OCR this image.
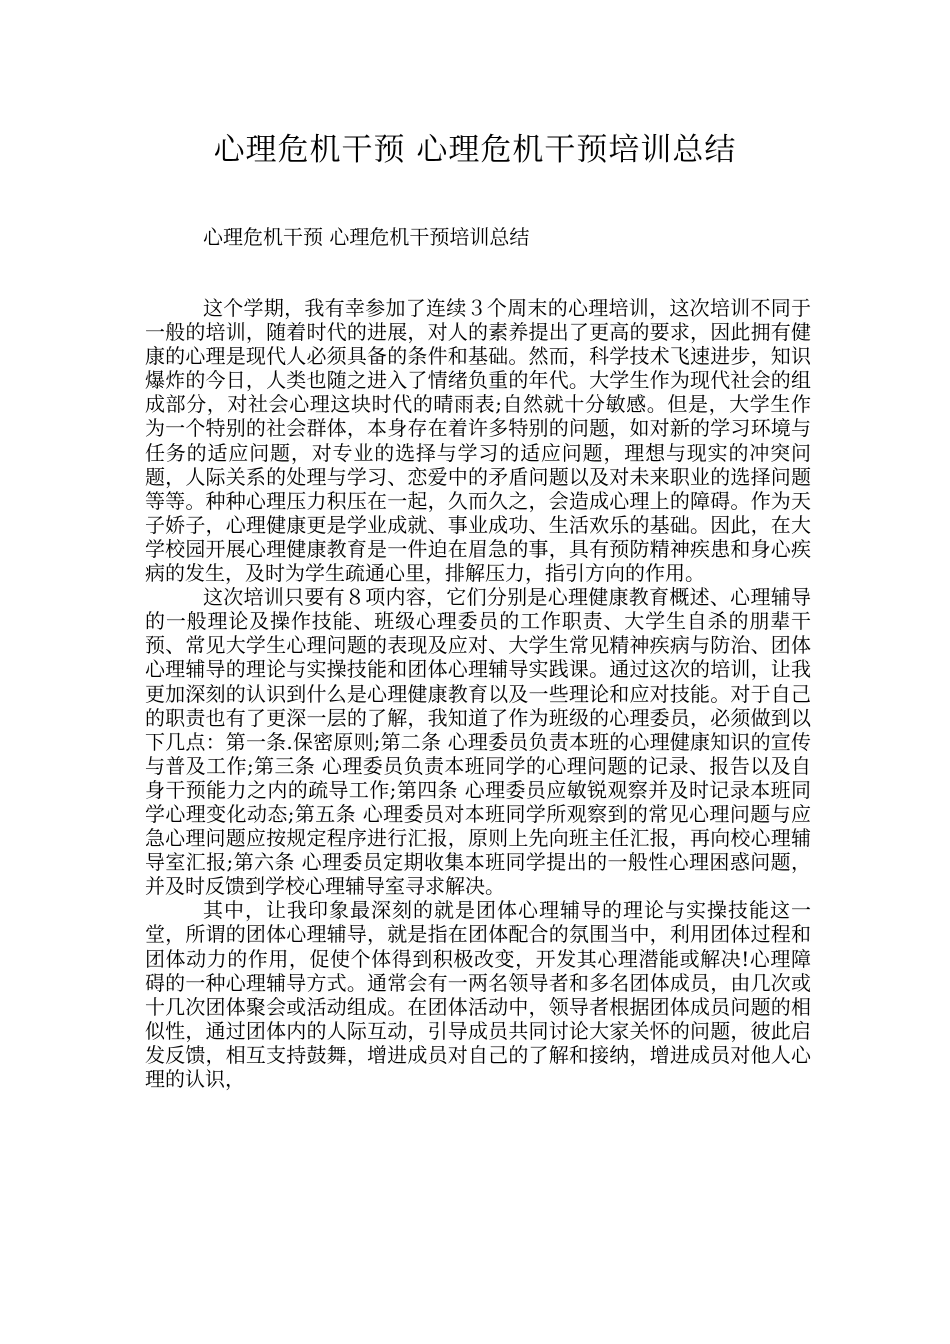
心理危机干预 心理危机干预培训总结
心理危机干预 心理危机干预培训总结

这个学期，我有幸参加了连续３个周末的心理培训，这次培训不同于一般的培训，随着时代的进展，对人的素养提出了更高的要求，因此拥有健康的心理是现代人必须具备的条件和基础。然而，科学技术飞速进步，知识爆炸的今日，人类也随之进入了情绪负重的年代。大学生作为现代社会的组成部分，对社会心理这块时代的晴雨表;自然就十分敏感。但是，大学生作为一个特别的社会群体，本身存在着许多特别的问题，如对新的学习环境与任务的适应问题，对专业的选择与学习的适应问题，理想与现实的冲突问题，人际关系的处理与学习、恋爱中的矛盾问题以及对未来职业的选择问题等等。种种心理压力积压在一起，久而久之，会造成心理上的障碍。作为天子娇子，心理健康更是学业成就、事业成功、生活欢乐的基础。因此，在大学校园开展心理健康教育是一件迫在眉急的事，具有预防精神疾患和身心疾病的发生，及时为学生疏通心里，排解压力，指引方向的作用。

这次培训只要有８项内容，它们分别是心理健康教育概述、心理辅导的一般理论及操作技能、班级心理委员的工作职责、大学生自杀的朋辈干预、常见大学生心理问题的表现及应对、大学生常见精神疾病与防治、团体心理辅导的理论与实操技能和团体心理辅导实践课。通过这次的培训，让我更加深刻的认识到什么是心理健康教育以及一些理论和应对技能。对于自己的职责也有了更深一层的了解，我知道了作为班级的心理委员，必须做到以下几点：第一条.保密原则;第二条 心理委员负责本班的心理健康知识的宣传与普及工作;第三条 心理委员负责本班同学的心理问题的记录、报告以及自身干预能力之内的疏导工作;第四条 心理委员应敏锐观察并及时记录本班同学心理变化动态;第五条 心理委员对本班同学所观察到的常见心理问题与应急心理问题应按规定程序进行汇报，原则上先向班主任汇报，再向校心理辅导室汇报;第六条 心理委员定期收集本班同学提出的一般性心理困惑问题，并及时反馈到学校心理辅导室寻求解决。

其中，让我印象最深刻的就是团体心理辅导的理论与实操技能这一堂，所谓的团体心理辅导，就是指在团体配合的氛围当中，利用团体过程和团体动力的作用，促使个体得到积极改变，开发其心理潜能或解决!心理障碍的一种心理辅导方式。通常会有一两名领导者和多名团体成员，由几次或十几次团体聚会或活动组成。在团体活动中，领导者根据团体成员问题的相似性，通过团体内的人际互动，引导成员共同讨论大家关怀的问题，彼此启发反馈，相互支持鼓舞，增进成员对自己的了解和接纳，增进成员对他人心理的认识，
